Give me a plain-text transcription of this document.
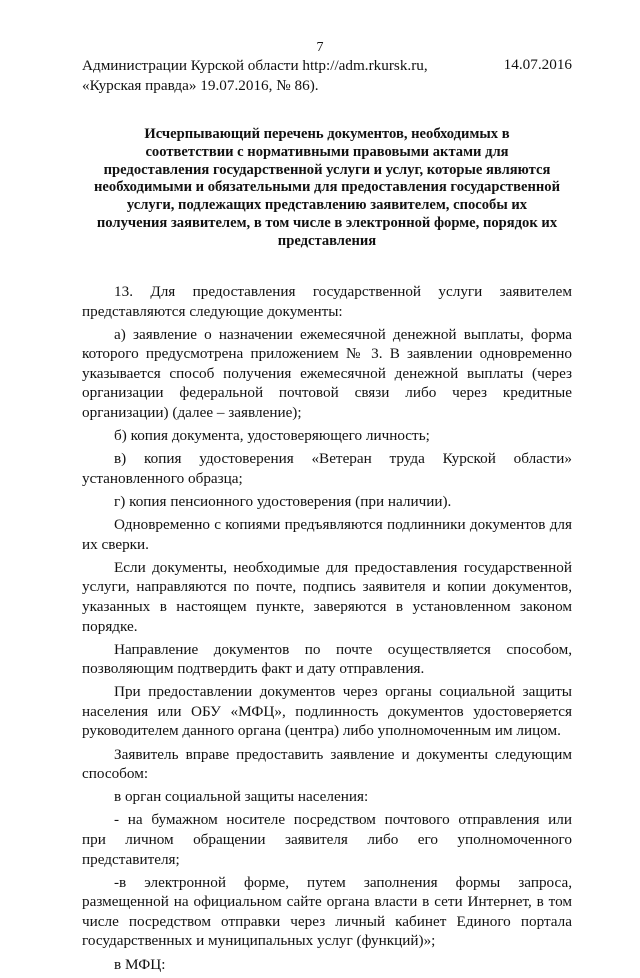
7
Администрации Курской области http://adm.rkursk.ru,
«Курская правда» 19.07.2016, № 86).
14.07.2016
Исчерпывающий перечень документов, необходимых в
соответствии с нормативными правовыми актами для
предоставления государственной услуги и услуг, которые являются
необходимыми и обязательными для предоставления государственной
услуги, подлежащих представлению заявителем, способы их
получения заявителем, в том числе в электронной форме, порядок их
представления
13. Для предоставления государственной услуги заявителем
представляются следующие документы:
а) заявление о назначении ежемесячной денежной выплаты, форма
которого предусмотрена приложением № 3. В заявлении одновременно указывается способ получения ежемесячной денежной выплаты (через организации федеральной почтовой связи либо через кредитные организации) (далее – заявление);
б) копия документа, удостоверяющего личность;
в) копия удостоверения «Ветеран труда Курской области»
установленного образца;
г) копия пенсионного удостоверения (при наличии).
Одновременно с копиями предъявляются подлинники документов для
их сверки.
Если документы, необходимые для предоставления государственной
услуги, направляются по почте, подпись заявителя и копии документов, указанных в настоящем пункте, заверяются в установленном законом порядке.
Направление документов по почте осуществляется способом,
позволяющим подтвердить факт и дату отправления.
При предоставлении документов через органы социальной защиты
населения или ОБУ «МФЦ», подлинность документов удостоверяется руководителем данного органа (центра) либо уполномоченным им лицом.
Заявитель вправе предоставить заявление и документы следующим
способом:
в орган социальной защиты населения:
- на бумажном носителе посредством почтового отправления или
при личном обращении заявителя либо его уполномоченного представителя;
-в электронной форме, путем заполнения формы запроса,
размещенной на официальном сайте органа власти в сети Интернет, в том числе посредством отправки через личный кабинет Единого портала государственных и муниципальных услуг (функций)»;
в МФЦ:
